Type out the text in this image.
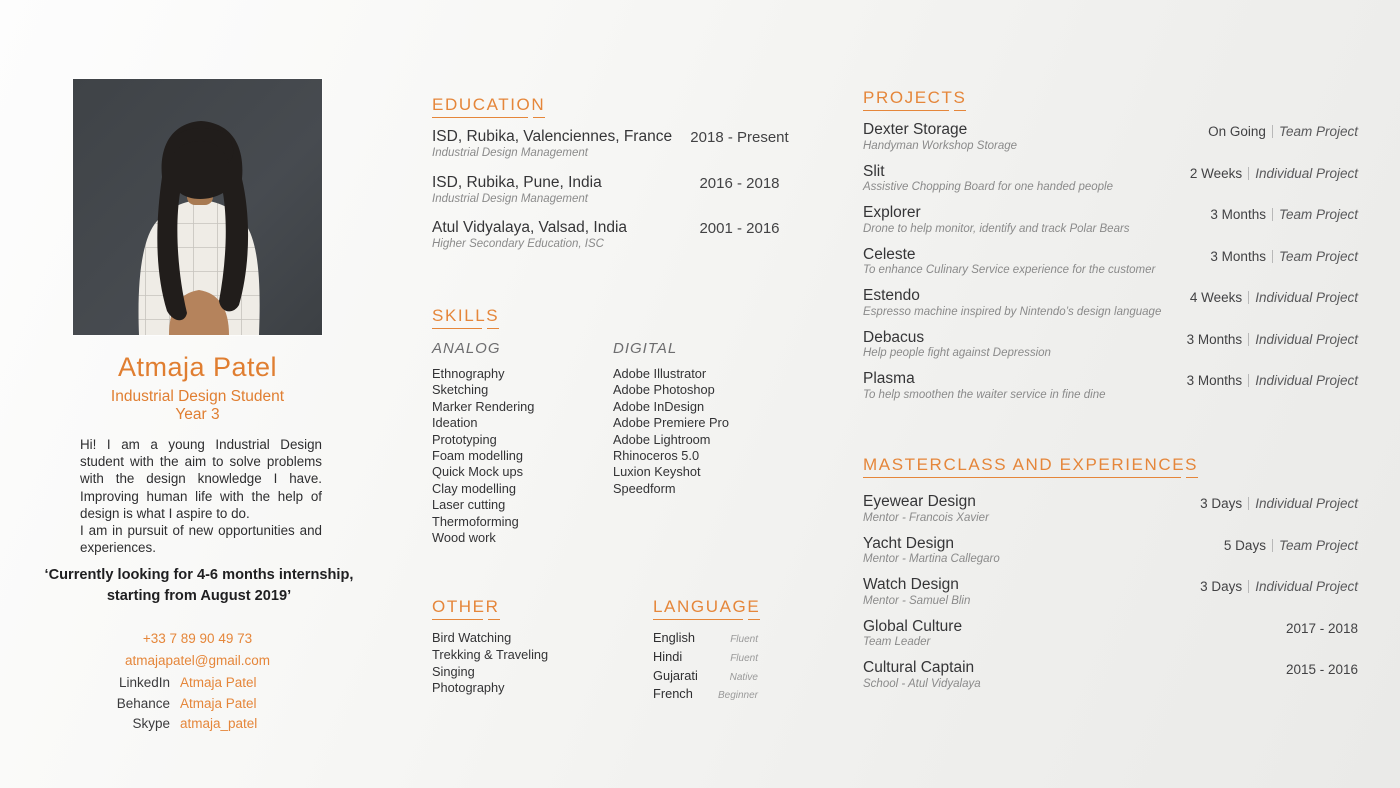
Atmaja Patel
Industrial Design Student
Year 3

Hi! I am a young Industrial Design student with the aim to solve problems with the design knowledge I have. Improving human life with the help of design is what I aspire to do.

I am in pursuit of new opportunities and experiences.

‘Currently looking for 4-6 months internship, starting from August 2019’
+33 7 89 90 49 73
atmajapatel@gmail.com
LinkedIn Atmaja Patel
Behance Atmaja Patel
Skype atmaja_patel
EDUCATION
ISD, Rubika, Valenciennes, France
Industrial Design Management
2018 - Present
ISD, Rubika, Pune, India
Industrial Design Management
2016 - 2018
Atul Vidyalaya, Valsad, India
Higher Secondary Education, ISC
2001 - 2016
SKILLS
ANALOG
Ethnography
Sketching
Marker Rendering
Ideation
Prototyping
Foam modelling
Quick Mock ups
Clay modelling
Laser cutting
Thermoforming
Wood work
DIGITAL
Adobe Illustrator
Adobe Photoshop
Adobe InDesign
Adobe Premiere Pro
Adobe Lightroom
Rhinoceros 5.0
Luxion Keyshot
Speedform
OTHER
Bird Watching
Trekking & Traveling
Singing
Photography
LANGUAGE
English	Fluent
Hindi	Fluent
Gujarati	Native
French	Beginner
PROJECTS
Dexter Storage
Handyman Workshop Storage
On Going Team Project
Slit
Assistive Chopping Board for one handed people
2 Weeks Individual Project
Explorer
Drone to help monitor, identify and track Polar Bears
3 Months Team Project
Celeste
To enhance Culinary Service experience for the customer
3 Months Team Project
Estendo
Espresso machine inspired by Nintendo’s design language
4 Weeks Individual Project
Debacus
Help people fight against Depression
3 Months Individual Project
Plasma
To help smoothen the waiter service in fine dine
3 Months Individual Project
MASTERCLASS AND EXPERIENCES
Eyewear Design
Mentor - Francois Xavier
3 Days Individual Project
Yacht Design
Mentor - Martina Callegaro
5 Days Team Project
Watch Design
Mentor - Samuel Blin
3 Days Individual Project
Global Culture
Team Leader
2017 - 2018
Cultural Captain
School - Atul Vidyalaya
2015 - 2016
